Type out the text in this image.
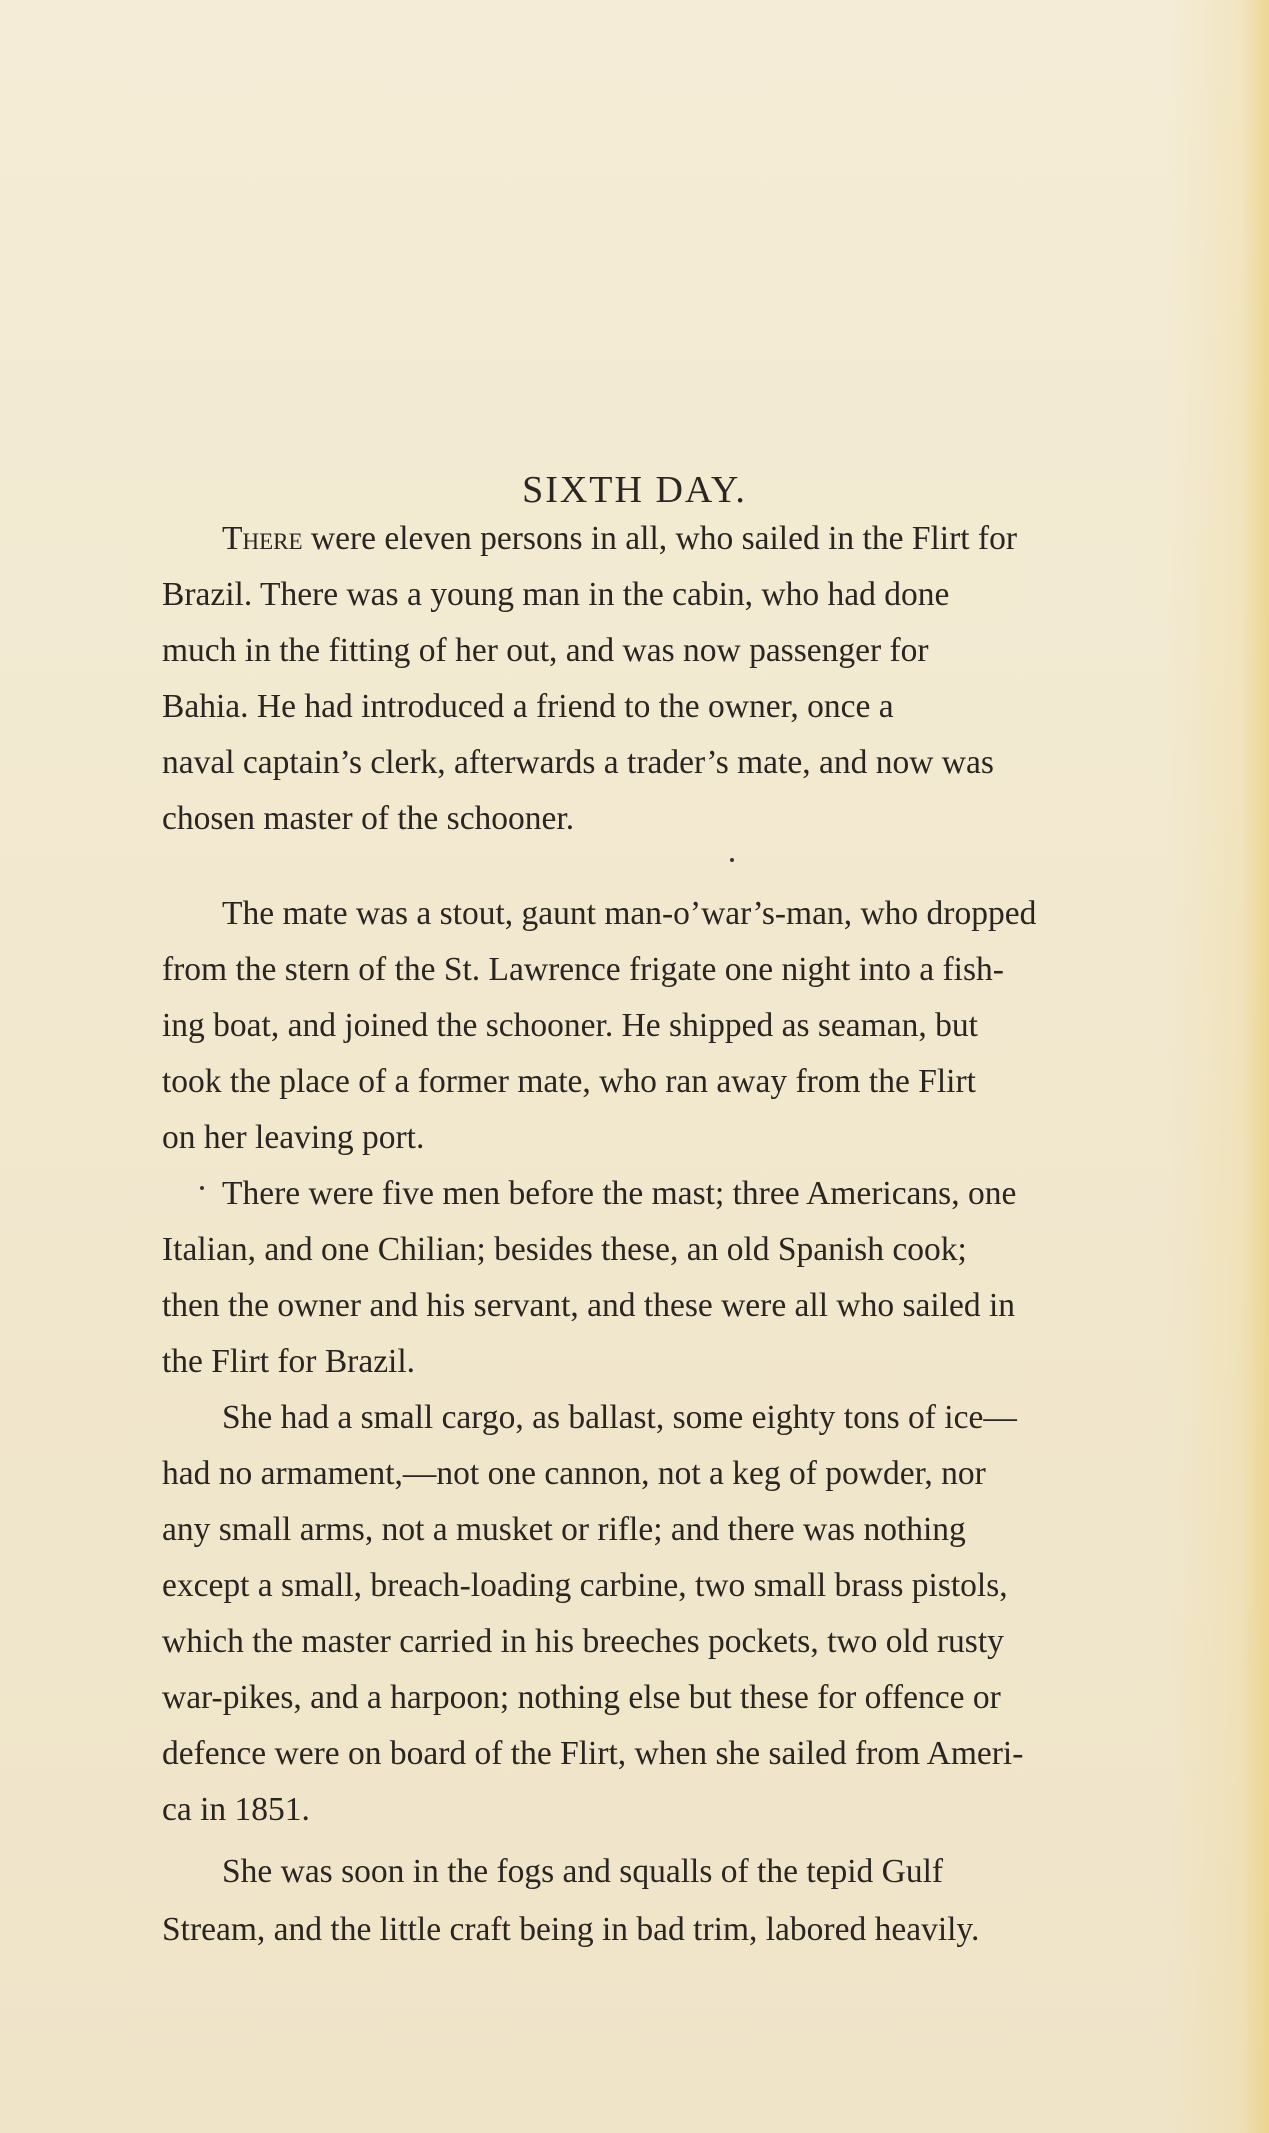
SIXTH DAY.
There were eleven persons in all, who sailed in the Flirt for
Brazil. There was a young man in the cabin, who had done
much in the fitting of her out, and was now passenger for
Bahia. He had introduced a friend to the owner, once a
naval captain’s clerk, afterwards a trader’s mate, and now was
chosen master of the schooner.
The mate was a stout, gaunt man-o’war’s-man, who dropped
from the stern of the St. Lawrence frigate one night into a fish-
ing boat, and joined the schooner. He shipped as seaman, but
took the place of a former mate, who ran away from the Flirt
on her leaving port.
There were five men before the mast; three Americans, one
Italian, and one Chilian; besides these, an old Spanish cook;
then the owner and his servant, and these were all who sailed in
the Flirt for Brazil.
She had a small cargo, as ballast, some eighty tons of ice—
had no armament,—not one cannon, not a keg of powder, nor
any small arms, not a musket or rifle; and there was nothing
except a small, breach-loading carbine, two small brass pistols,
which the master carried in his breeches pockets, two old rusty
war-pikes, and a harpoon; nothing else but these for offence or
defence were on board of the Flirt, when she sailed from Ameri-
ca in 1851.
She was soon in the fogs and squalls of the tepid Gulf
Stream, and the little craft being in bad trim, labored heavily.
